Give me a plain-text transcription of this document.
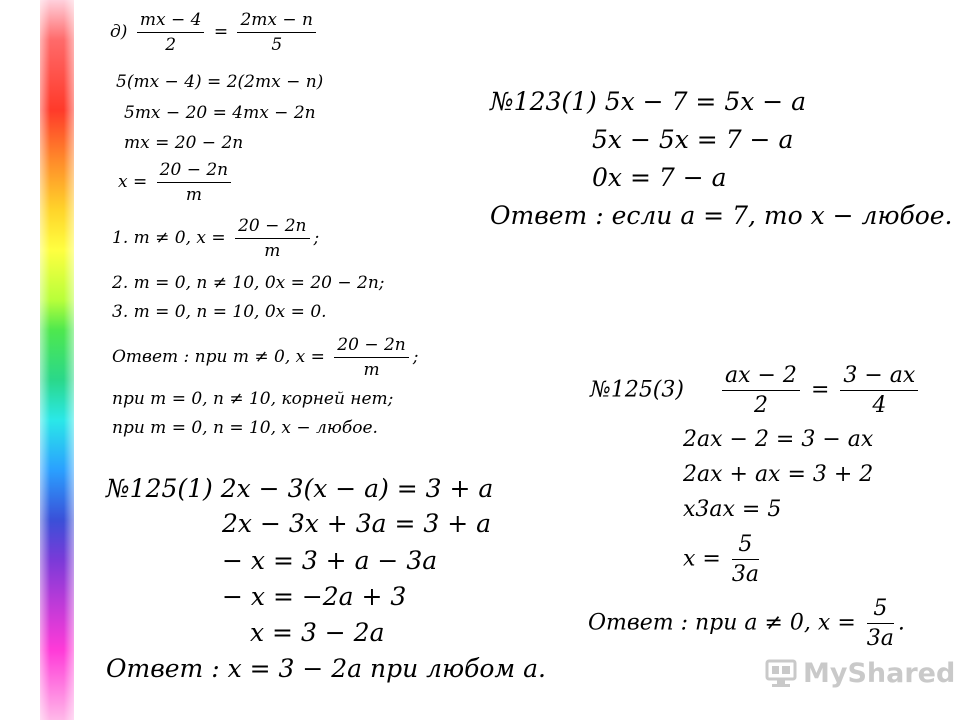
$д) \frac{mx - 4}{2} = \frac{2mx - n}{5}$
5(mx − 4) = 2(2mx − n)
5mx − 20 = 4mx − 2n
mx = 20 − 2n
$x = \frac{20 - 2n}{m}$
1. m ≠ 0, $x = \frac{20 - 2n}{m}$ ;
2. m = 0, n ≠ 10, 0x = 20 − 2n;
3. m = 0, n = 10, 0x = 0.
Ответ : при m ≠ 0, $x = \frac{20 - 2n}{m}$ ;
при m = 0, n ≠ 10, корней нет;
при m = 0, n = 10, x − любое.
№123(1) 5x − 7 = 5x − a
5x − 5x = 7 − a
0x = 7 − a
Ответ : если a = 7, то x − любое.
№125(3) $\frac{ax - 2}{2} = \frac{3 - ax}{4}$
2ax − 2 = 3 − ax
2ax + ax = 3 + 2
x3ax = 5
$x = \frac{5}{3a}$
Ответ : при a ≠ 0, $x = \frac{5}{3a}$ .
№125(1) 2x − 3(x − a) = 3 + a
2x − 3x + 3a = 3 + a
− x = 3 + a − 3a
− x = −2a + 3
x = 3 − 2a
Ответ : x = 3 − 2a при любом a.	MyShared
